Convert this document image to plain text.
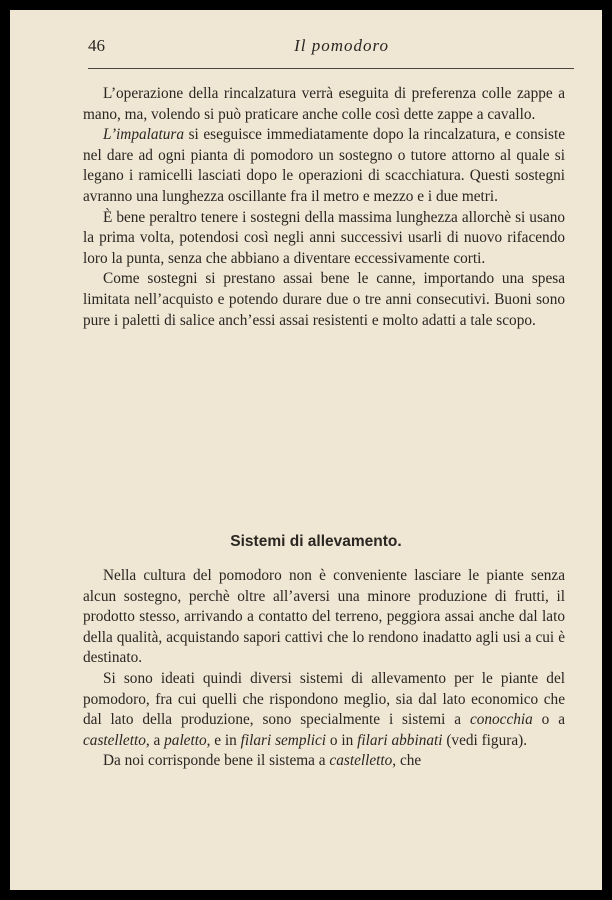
46	Il pomodoro

L’operazione della rincalzatura verrà eseguita di preferenza colle zappe a mano, ma, volendo si può praticare anche colle così dette zappe a cavallo.

L’impalatura si eseguisce immediatamente dopo la rincalzatura, e consiste nel dare ad ogni pianta di pomodoro un sostegno o tutore attorno al quale si legano i ramicelli lasciati dopo le operazioni di scacchiatura. Questi sostegni avranno una lunghezza oscillante fra il metro e mezzo e i due metri.

È bene peraltro tenere i sostegni della massima lunghezza allorchè si usano la prima volta, potendosi così negli anni successivi usarli di nuovo rifacendo loro la punta, senza che abbiano a diventare eccessivamente corti.

Come sostegni si prestano assai bene le canne, importando una spesa limitata nell’acquisto e potendo durare due o tre anni consecutivi. Buoni sono pure i paletti di salice anch’essi assai resistenti e molto adatti a tale scopo.

Sistemi di allevamento.

Nella cultura del pomodoro non è conveniente lasciare le piante senza alcun sostegno, perchè oltre all’aversi una minore produzione di frutti, il prodotto stesso, arrivando a contatto del terreno, peggiora assai anche dal lato della qualità, acquistando sapori cattivi che lo rendono inadatto agli usi a cui è destinato.

Si sono ideati quindi diversi sistemi di allevamento per le piante del pomodoro, fra cui quelli che rispondono meglio, sia dal lato economico che dal lato della produzione, sono specialmente i sistemi a conocchia o a castelletto, a paletto, e in filari semplici o in filari abbinati (vedi figura).

Da noi corrisponde bene il sistema a castelletto, che
